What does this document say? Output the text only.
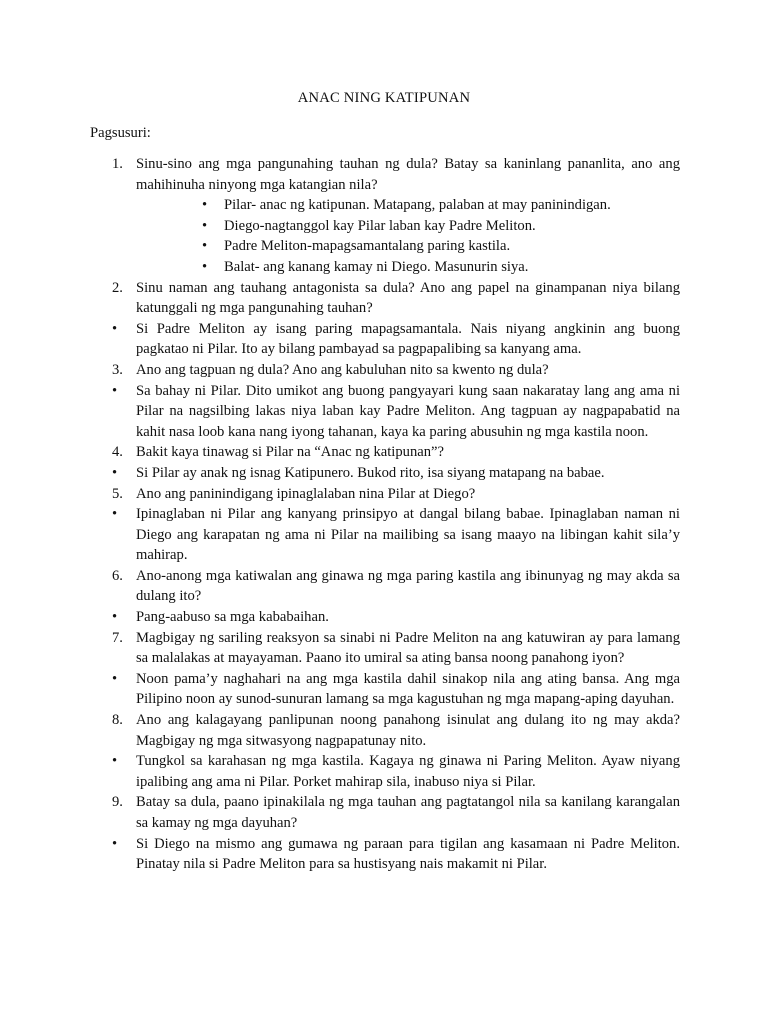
ANAC NING KATIPUNAN
Pagsusuri:
1. Sinu-sino ang mga pangunahing tauhan ng dula? Batay sa kaninlang pananlita, ano ang mahihinuha ninyong mga katangian nila?
• Pilar- anac ng katipunan. Matapang, palaban at may paninindigan.
• Diego-nagtanggol kay Pilar laban kay Padre Meliton.
• Padre Meliton-mapagsamantalang paring kastila.
• Balat- ang kanang kamay ni Diego. Masunurin siya.
2. Sinu naman ang tauhang antagonista sa dula? Ano ang papel na ginampanan niya bilang katunggali ng mga pangunahing tauhan?
• Si Padre Meliton ay isang paring mapagsamantala. Nais niyang angkinin ang buong pagkatao ni Pilar. Ito ay bilang pambayad sa pagpapalibing sa kanyang ama.
3. Ano ang tagpuan ng dula? Ano ang kabuluhan nito sa kwento ng dula?
• Sa bahay ni Pilar. Dito umikot ang buong pangyayari kung saan nakaratay lang ang ama ni Pilar na nagsilbing lakas niya laban kay Padre Meliton. Ang tagpuan ay nagpapabatid na kahit nasa loob kana nang iyong tahanan, kaya ka paring abusuhin ng mga kastila noon.
4. Bakit kaya tinawag si Pilar na “Anac ng katipunan”?
• Si Pilar ay anak ng isnag Katipunero. Bukod rito, isa siyang matapang na babae.
5. Ano ang paninindigang ipinaglalaban nina Pilar at Diego?
• Ipinaglaban ni Pilar ang kanyang prinsipyo at dangal bilang babae. Ipinaglaban naman ni Diego ang karapatan ng ama ni Pilar na mailibing sa isang maayo na libingan kahit sila’y mahirap.
6. Ano-anong mga katiwalan ang ginawa ng mga paring kastila ang ibinunyag ng may akda sa dulang ito?
• Pang-aabuso sa mga kababaihan.
7. Magbigay ng sariling reaksyon sa sinabi ni Padre Meliton na ang katuwiran ay para lamang sa malalakas at mayayaman. Paano ito umiral sa ating bansa noong panahong iyon?
• Noon pama’y naghahari na ang mga kastila dahil sinakop nila ang ating bansa. Ang mga Pilipino noon ay sunod-sunuran lamang sa mga kagustuhan ng mga mapang-aping dayuhan.
8. Ano ang kalagayang panlipunan noong panahong isinulat ang dulang ito ng may akda? Magbigay ng mga sitwasyong nagpapatunay nito.
• Tungkol sa karahasan ng mga kastila. Kagaya ng ginawa ni Paring Meliton. Ayaw niyang ipalibing ang ama ni Pilar. Porket mahirap sila, inabuso niya si Pilar.
9. Batay sa dula, paano ipinakilala ng mga tauhan ang pagtatangol nila sa kanilang karangalan sa kamay ng mga dayuhan?
• Si Diego na mismo ang gumawa ng paraan para tigilan ang kasamaan ni Padre Meliton. Pinatay nila si Padre Meliton para sa hustisyang nais makamit ni Pilar.
